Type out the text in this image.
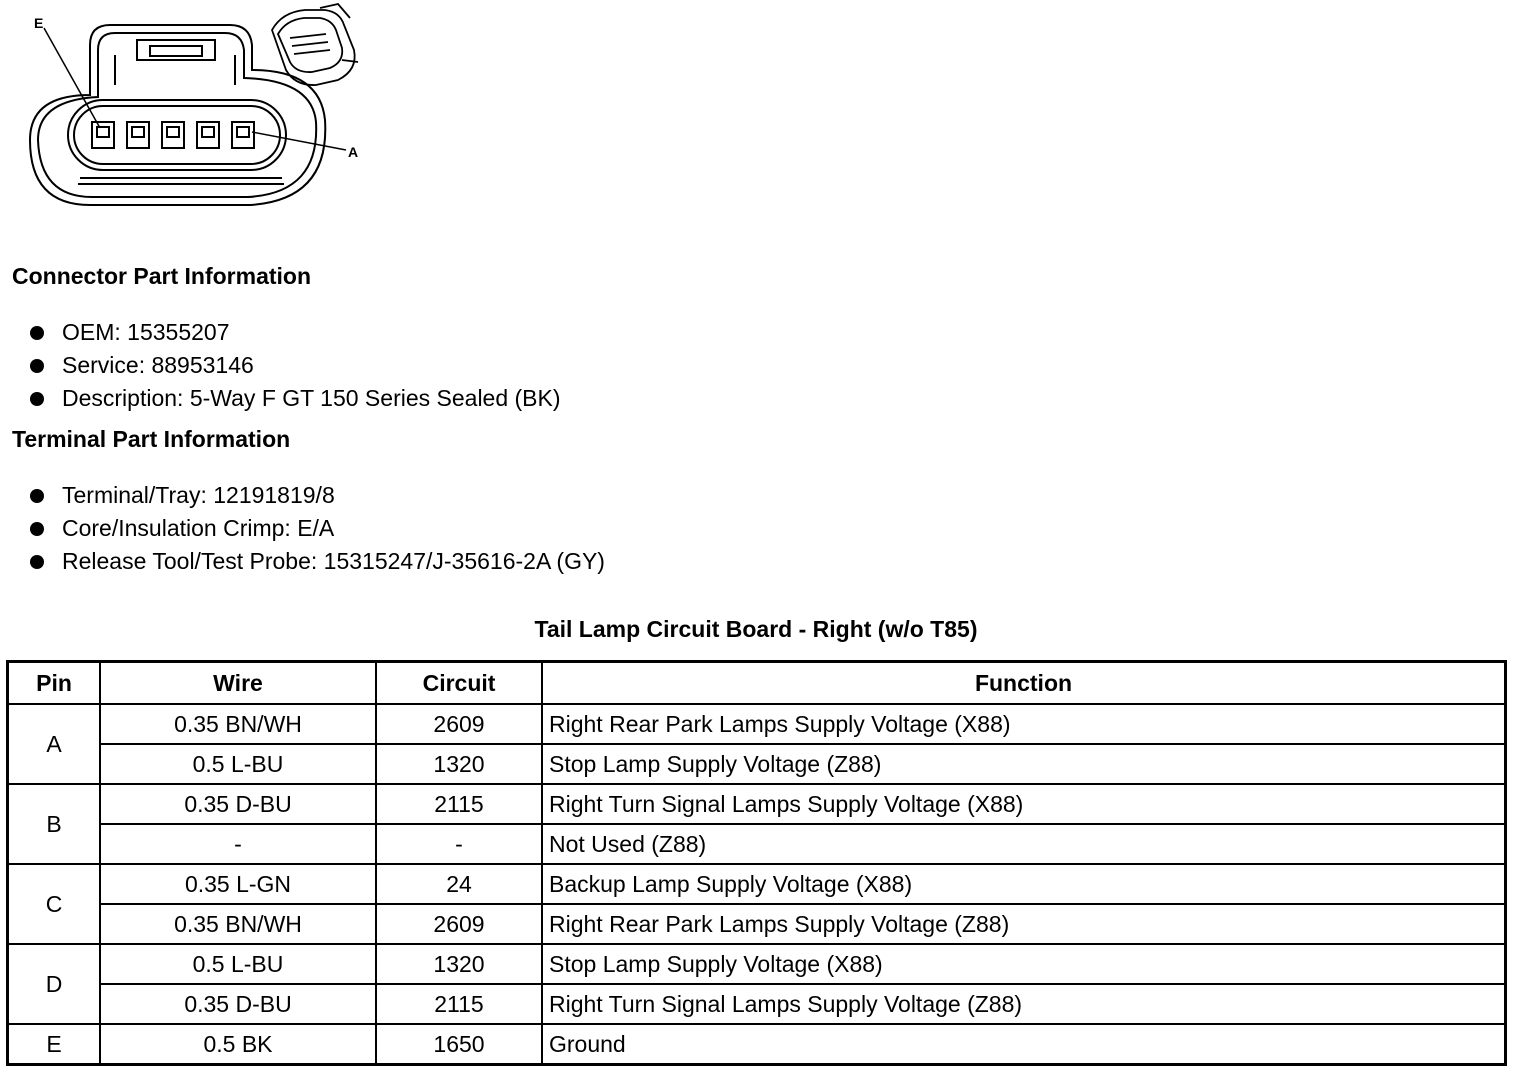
E
A
Connector Part Information
OEM: 15355207
Service: 88953146
Description: 5-Way F GT 150 Series Sealed (BK)
Terminal Part Information
Terminal/Tray: 12191819/8
Core/Insulation Crimp: E/A
Release Tool/Test Probe: 15315247/J-35616-2A (GY)
Tail Lamp Circuit Board - Right (w/o T85)
Pin	Wire	Circuit	Function
A	0.35 BN/WH	2609	Right Rear Park Lamps Supply Voltage (X88)
	0.5 L-BU	1320	Stop Lamp Supply Voltage (Z88)
B	0.35 D-BU	2115	Right Turn Signal Lamps Supply Voltage (X88)
	-	-	Not Used (Z88)
C	0.35 L-GN	24	Backup Lamp Supply Voltage (X88)
	0.35 BN/WH	2609	Right Rear Park Lamps Supply Voltage (Z88)
D	0.5 L-BU	1320	Stop Lamp Supply Voltage (X88)
	0.35 D-BU	2115	Right Turn Signal Lamps Supply Voltage (Z88)
E	0.5 BK	1650	Ground
